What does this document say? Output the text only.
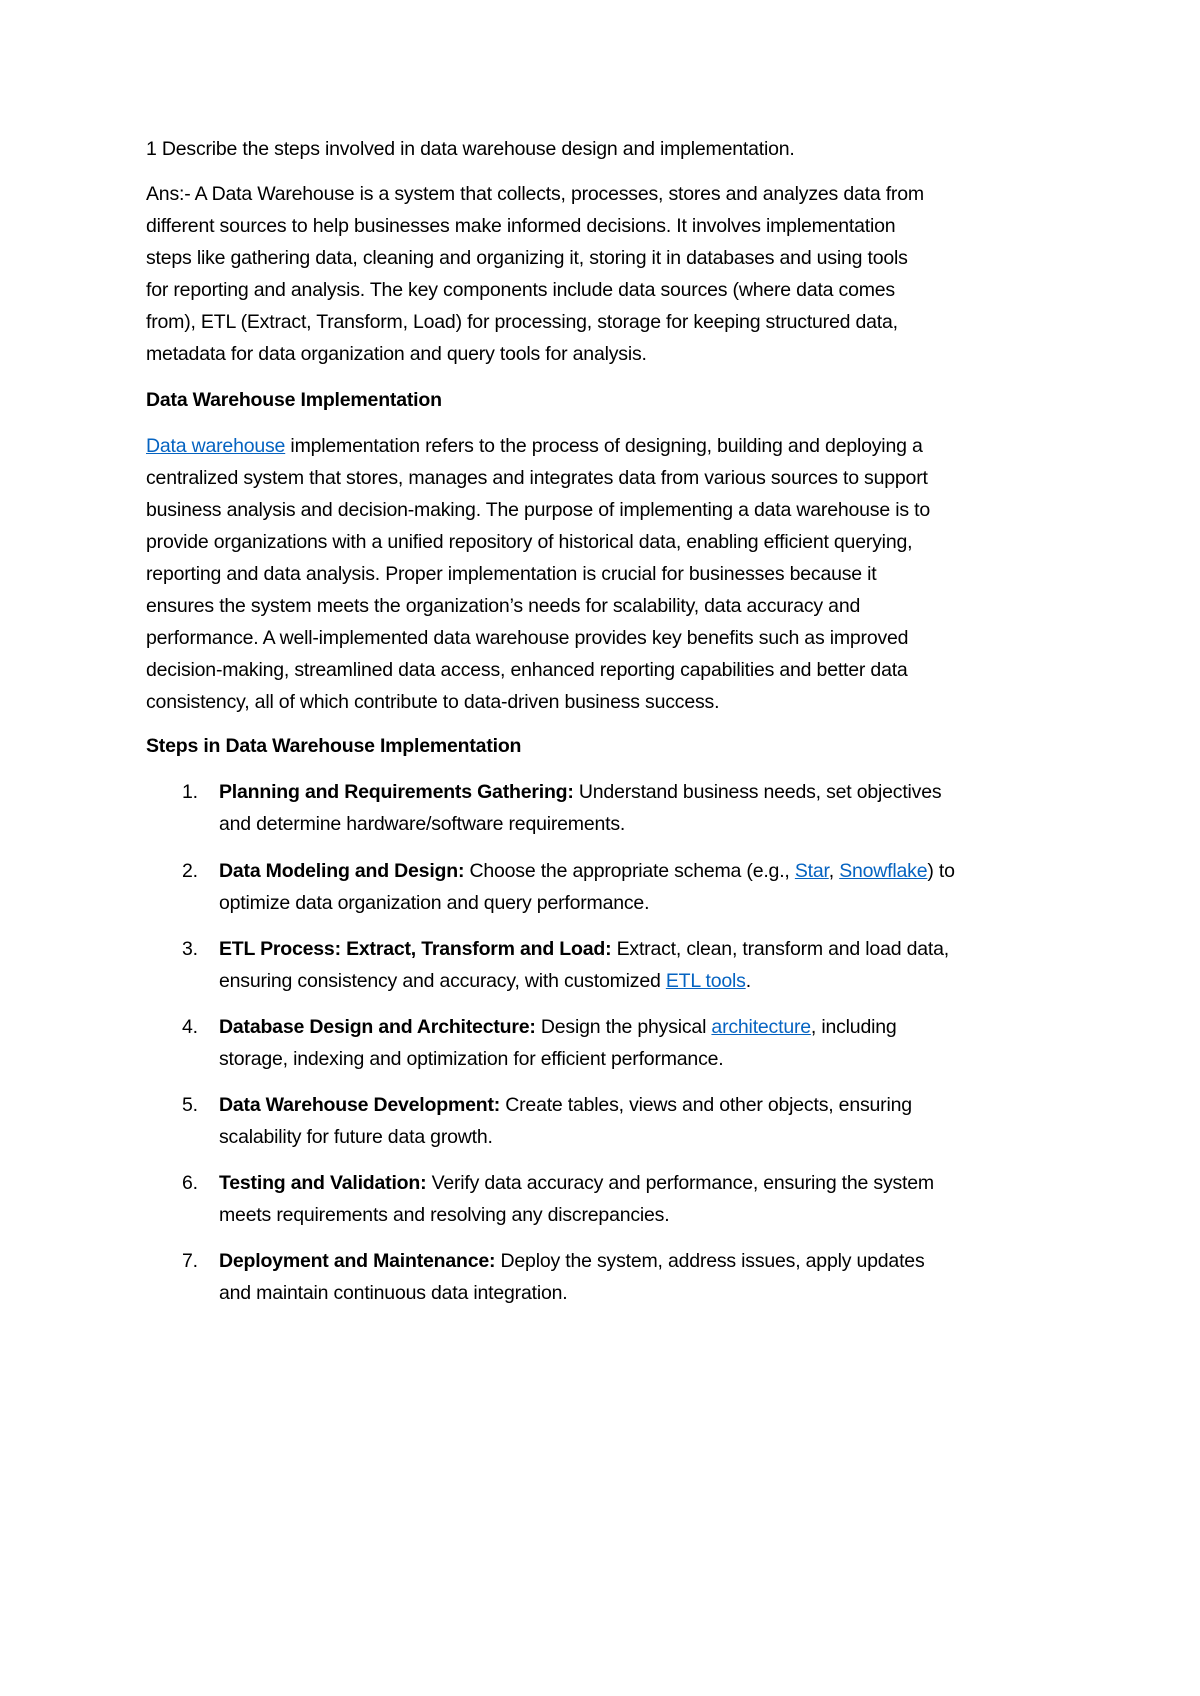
1 Describe the steps involved in data warehouse design and implementation.
Ans:- A Data Warehouse is a system that collects, processes, stores and analyzes data from
different sources to help businesses make informed decisions. It involves implementation
steps like gathering data, cleaning and organizing it, storing it in databases and using tools
for reporting and analysis. The key components include data sources (where data comes
from), ETL (Extract, Transform, Load) for processing, storage for keeping structured data,
metadata for data organization and query tools for analysis.
Data Warehouse Implementation
Data warehouse implementation refers to the process of designing, building and deploying a
centralized system that stores, manages and integrates data from various sources to support
business analysis and decision-making. The purpose of implementing a data warehouse is to
provide organizations with a unified repository of historical data, enabling efficient querying,
reporting and data analysis. Proper implementation is crucial for businesses because it
ensures the system meets the organization’s needs for scalability, data accuracy and
performance. A well-implemented data warehouse provides key benefits such as improved
decision-making, streamlined data access, enhanced reporting capabilities and better data
consistency, all of which contribute to data-driven business success.
Steps in Data Warehouse Implementation
1. Planning and Requirements Gathering: Understand business needs, set objectives
and determine hardware/software requirements.
2. Data Modeling and Design: Choose the appropriate schema (e.g., Star, Snowflake) to
optimize data organization and query performance.
3. ETL Process: Extract, Transform and Load: Extract, clean, transform and load data,
ensuring consistency and accuracy, with customized ETL tools.
4. Database Design and Architecture: Design the physical architecture, including
storage, indexing and optimization for efficient performance.
5. Data Warehouse Development: Create tables, views and other objects, ensuring
scalability for future data growth.
6. Testing and Validation: Verify data accuracy and performance, ensuring the system
meets requirements and resolving any discrepancies.
7. Deployment and Maintenance: Deploy the system, address issues, apply updates
and maintain continuous data integration.
